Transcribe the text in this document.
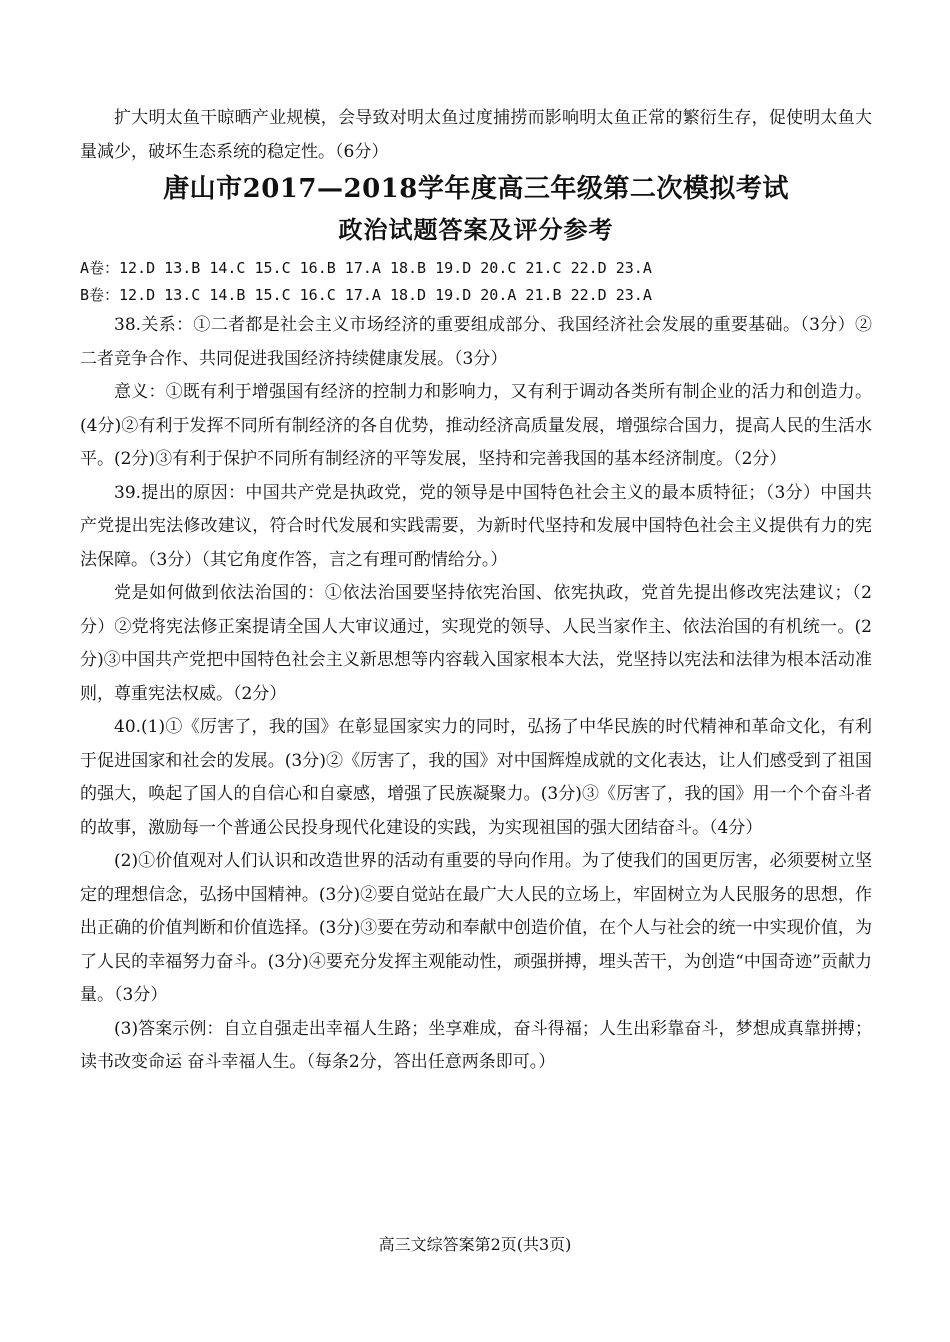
扩大明太鱼干晾晒产业规模，会导致对明太鱼过度捕捞而影响明太鱼正常的繁衍生存，促使明太鱼大量减少，破坏生态系统的稳定性。（6分）

唐山市2017—2018学年度高三年级第二次模拟考试
政治试题答案及评分参考

A卷：12.D 13.B 14.C 15.C 16.B 17.A 18.B 19.D 20.C 21.C 22.D 23.A

B卷：12.D 13.C 14.B 15.C 16.C 17.A 18.D 19.D 20.A 21.B 22.D 23.A

38.关系：①二者都是社会主义市场经济的重要组成部分、我国经济社会发展的重要基础。（3分）②二者竞争合作、共同促进我国经济持续健康发展。（3分）

意义：①既有利于增强国有经济的控制力和影响力，又有利于调动各类所有制企业的活力和创造力。(4分)②有利于发挥不同所有制经济的各自优势，推动经济高质量发展，增强综合国力，提高人民的生活水平。(2分)③有利于保护不同所有制经济的平等发展，坚持和完善我国的基本经济制度。（2分）

39.提出的原因：中国共产党是执政党，党的领导是中国特色社会主义的最本质特征；（3分）中国共产党提出宪法修改建议，符合时代发展和实践需要，为新时代坚持和发展中国特色社会主义提供有力的宪法保障。（3分）（其它角度作答，言之有理可酌情给分。）

党是如何做到依法治国的：①依法治国要坚持依宪治国、依宪执政，党首先提出修改宪法建议；（2分）②党将宪法修正案提请全国人大审议通过，实现党的领导、人民当家作主、依法治国的有机统一。(2分)③中国共产党把中国特色社会主义新思想等内容载入国家根本大法，党坚持以宪法和法律为根本活动准则，尊重宪法权威。（2分）

40.(1)①《厉害了，我的国》在彰显国家实力的同时，弘扬了中华民族的时代精神和革命文化，有利于促进国家和社会的发展。(3分)②《厉害了，我的国》对中国辉煌成就的文化表达，让人们感受到了祖国的强大，唤起了国人的自信心和自豪感，增强了民族凝聚力。(3分)③《厉害了，我的国》用一个个奋斗者的故事，激励每一个普通公民投身现代化建设的实践，为实现祖国的强大团结奋斗。（4分）

(2)①价值观对人们认识和改造世界的活动有重要的导向作用。为了使我们的国更厉害，必须要树立坚定的理想信念，弘扬中国精神。(3分)②要自觉站在最广大人民的立场上，牢固树立为人民服务的思想，作出正确的价值判断和价值选择。(3分)③要在劳动和奉献中创造价值，在个人与社会的统一中实现价值，为了人民的幸福努力奋斗。(3分)④要充分发挥主观能动性，顽强拼搏，埋头苦干，为创造“中国奇迹”贡献力量。（3分）

(3)答案示例：自立自强走出幸福人生路；坐享难成，奋斗得福；人生出彩靠奋斗，梦想成真靠拼搏；读书改变命运 奋斗幸福人生。（每条2分，答出任意两条即可。）

高三文综答案第2页(共3页)
